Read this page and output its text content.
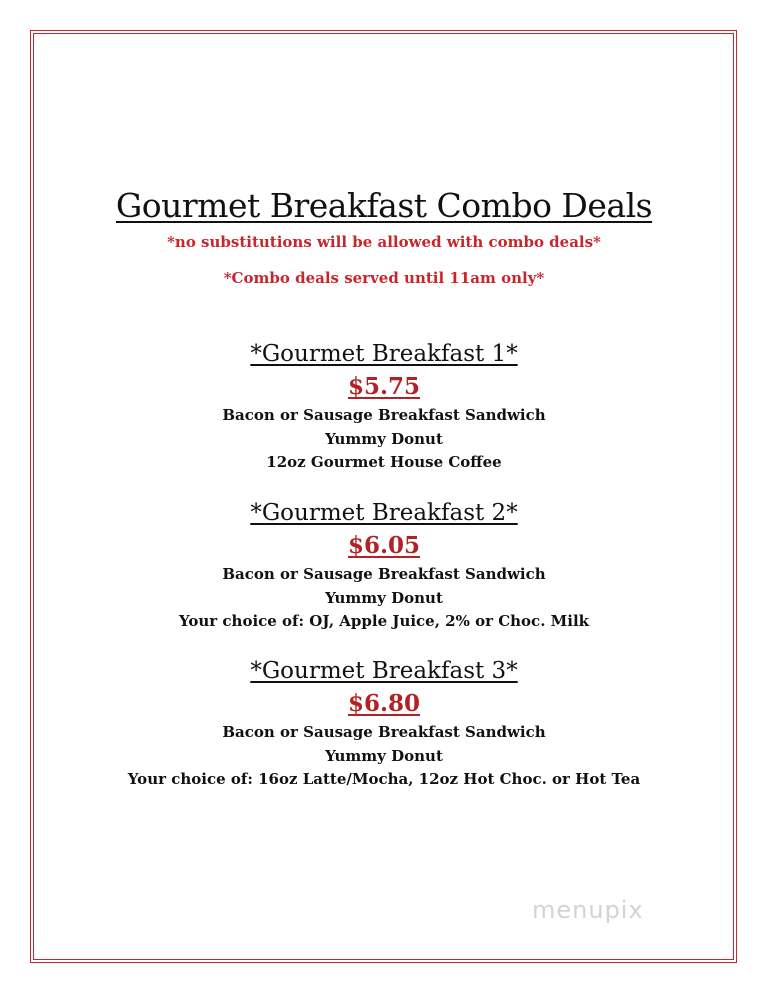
Gourmet Breakfast Combo Deals
*no substitutions will be allowed with combo deals*
*Combo deals served until 11am only*
*Gourmet Breakfast 1*
$5.75
Bacon or Sausage Breakfast Sandwich
Yummy Donut
12oz Gourmet House Coffee
*Gourmet Breakfast 2*
$6.05
Bacon or Sausage Breakfast Sandwich
Yummy Donut
Your choice of: OJ, Apple Juice, 2% or Choc. Milk
*Gourmet Breakfast 3*
$6.80
Bacon or Sausage Breakfast Sandwich
Yummy Donut
Your choice of: 16oz Latte/Mocha, 12oz Hot Choc. or Hot Tea
menupix
